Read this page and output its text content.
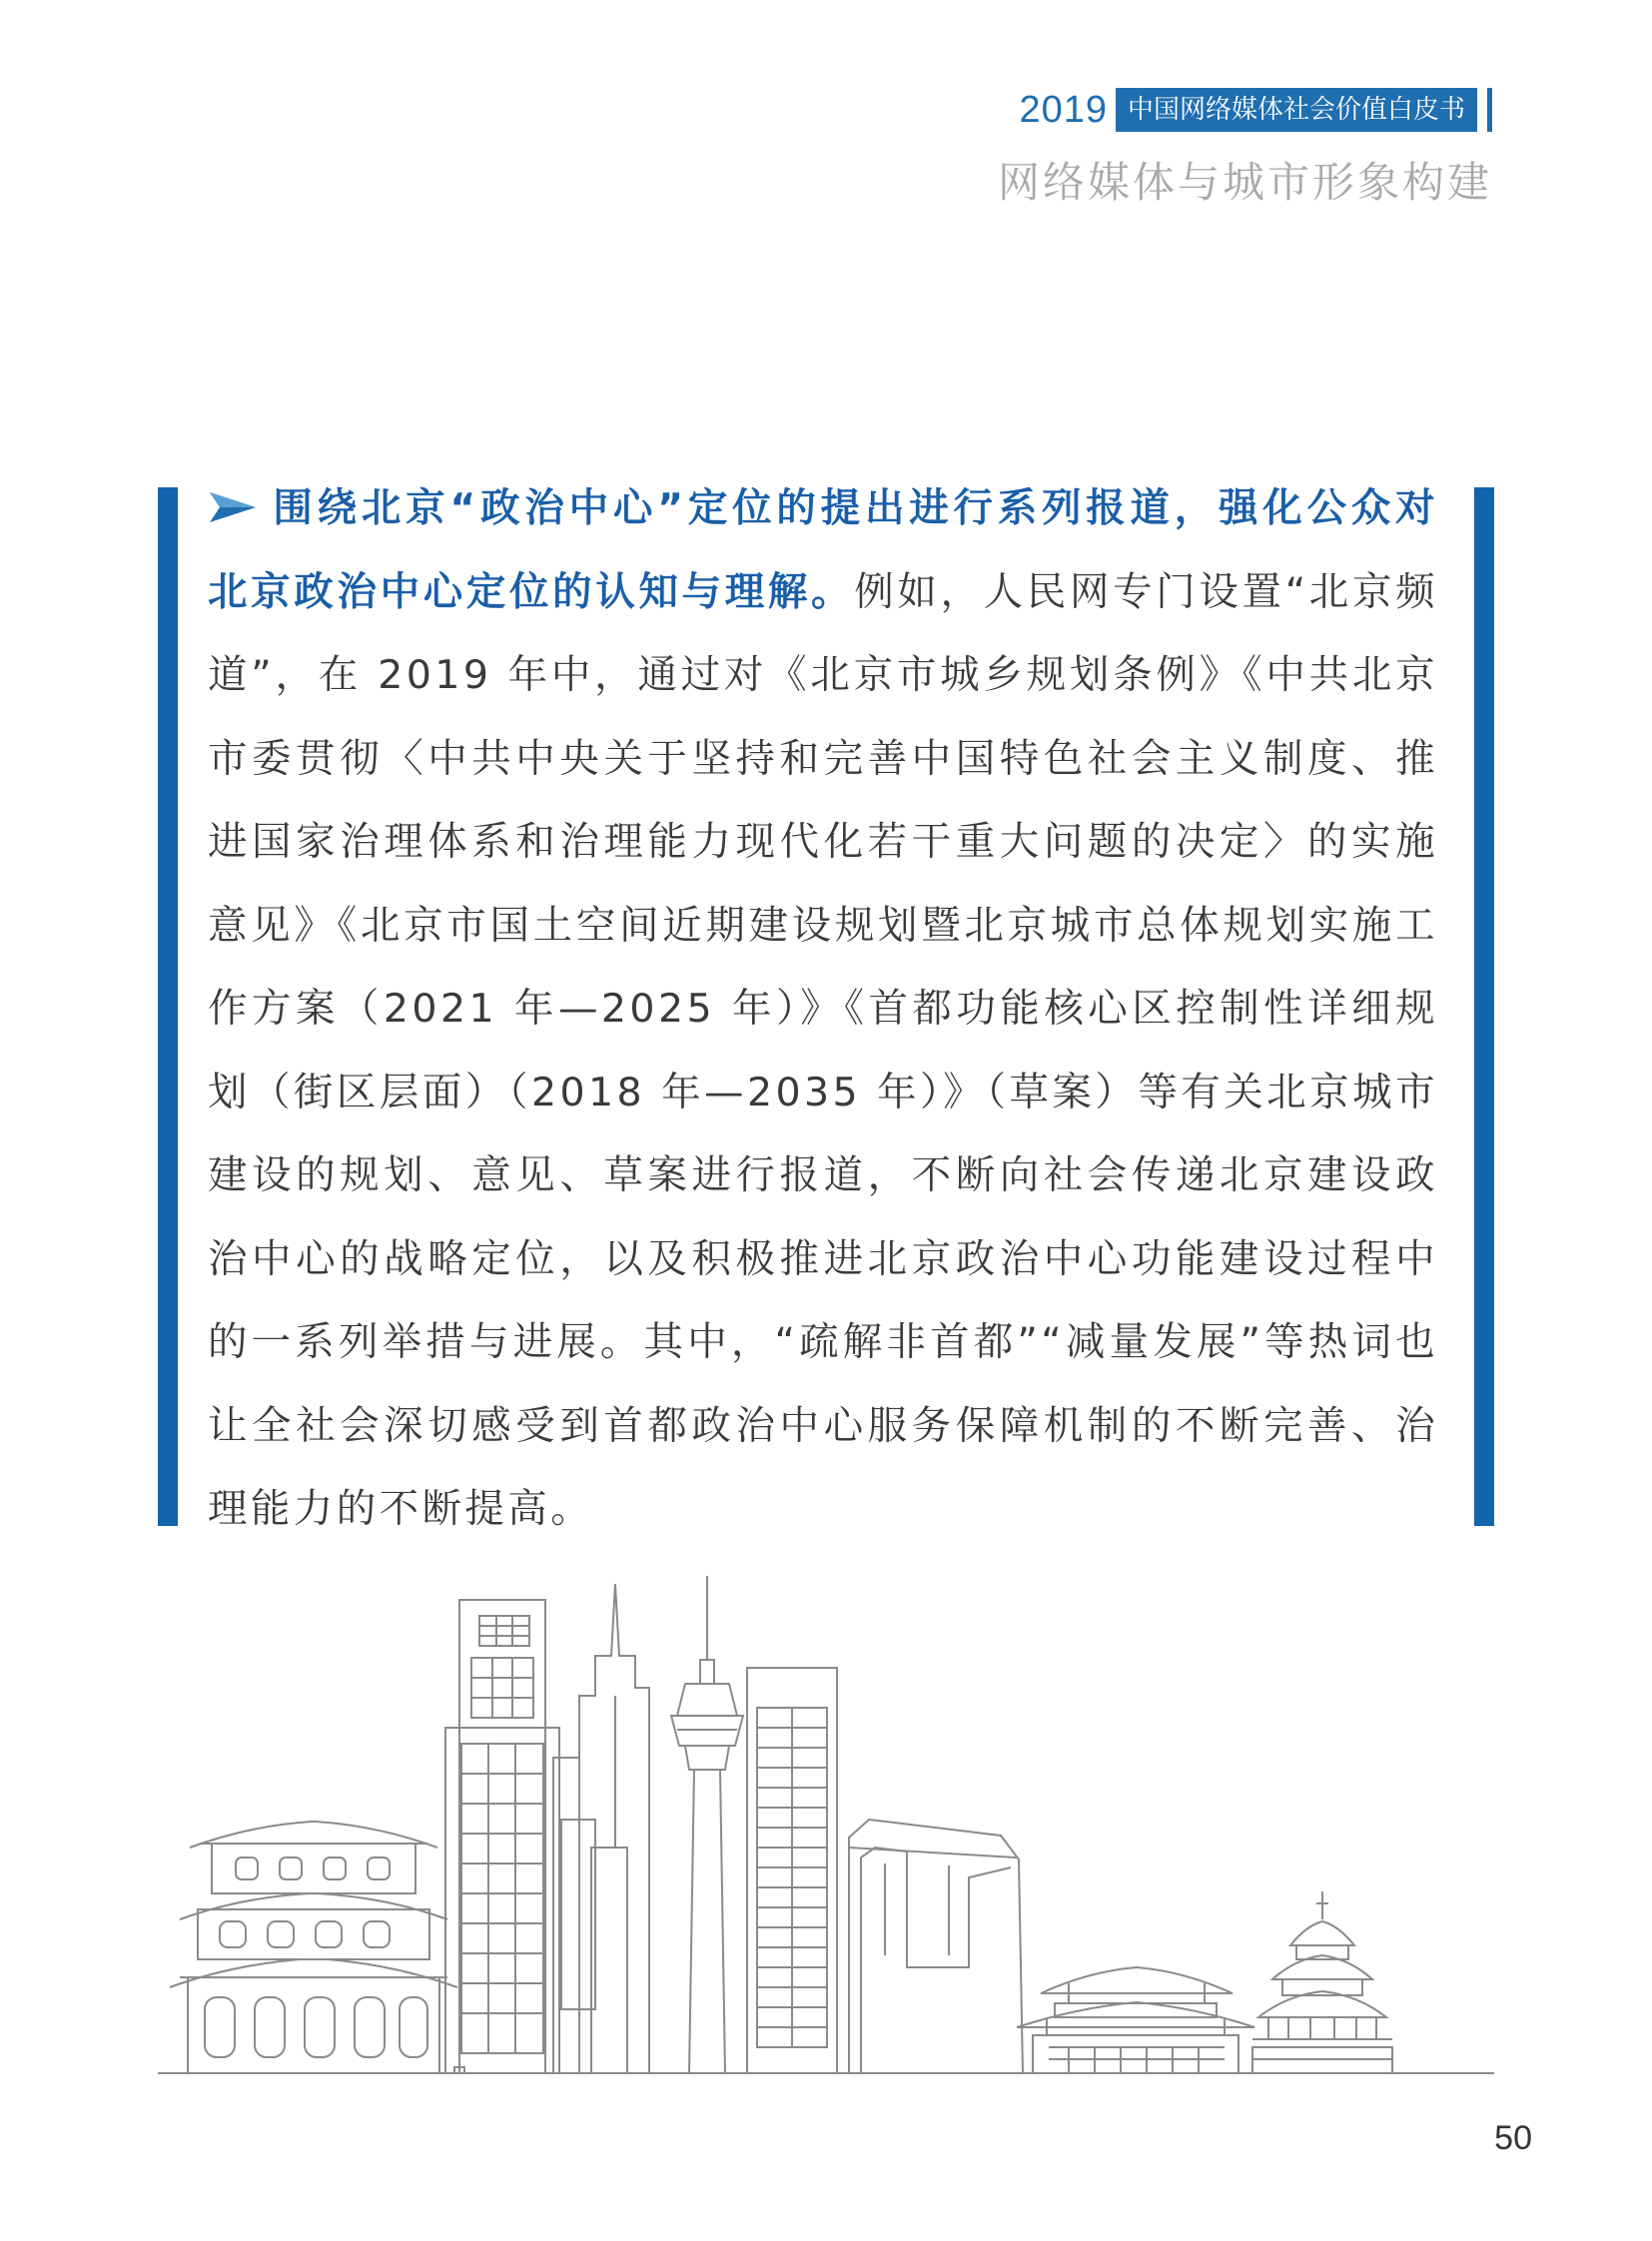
2019 中国网络媒体社会价值白皮书
网络媒体与城市形象构建
围绕北京“政治中心”定位的提出进行系列报道，强化公众对北京政治中心定位的认知与理解。例如，人民网专门设置“北京频道”，在 2019 年中，通过对《北京市城乡规划条例》《中共北京市委贯彻〈中共中央关于坚持和完善中国特色社会主义制度、推进国家治理体系和治理能力现代化若干重大问题的决定〉的实施意见》《北京市国土空间近期建设规划暨北京城市总体规划实施工作方案（2021 年—2025 年）》《首都功能核心区控制性详细规划（街区层面）（2018 年—2035 年）》（草案）等有关北京城市建设的规划、意见、草案进行报道，不断向社会传递北京建设政治中心的战略定位，以及积极推进北京政治中心功能建设过程中的一系列举措与进展。其中，“疏解非首都”“减量发展”等热词也让全社会深切感受到首都政治中心服务保障机制的不断完善、治理能力的不断提高。
50
